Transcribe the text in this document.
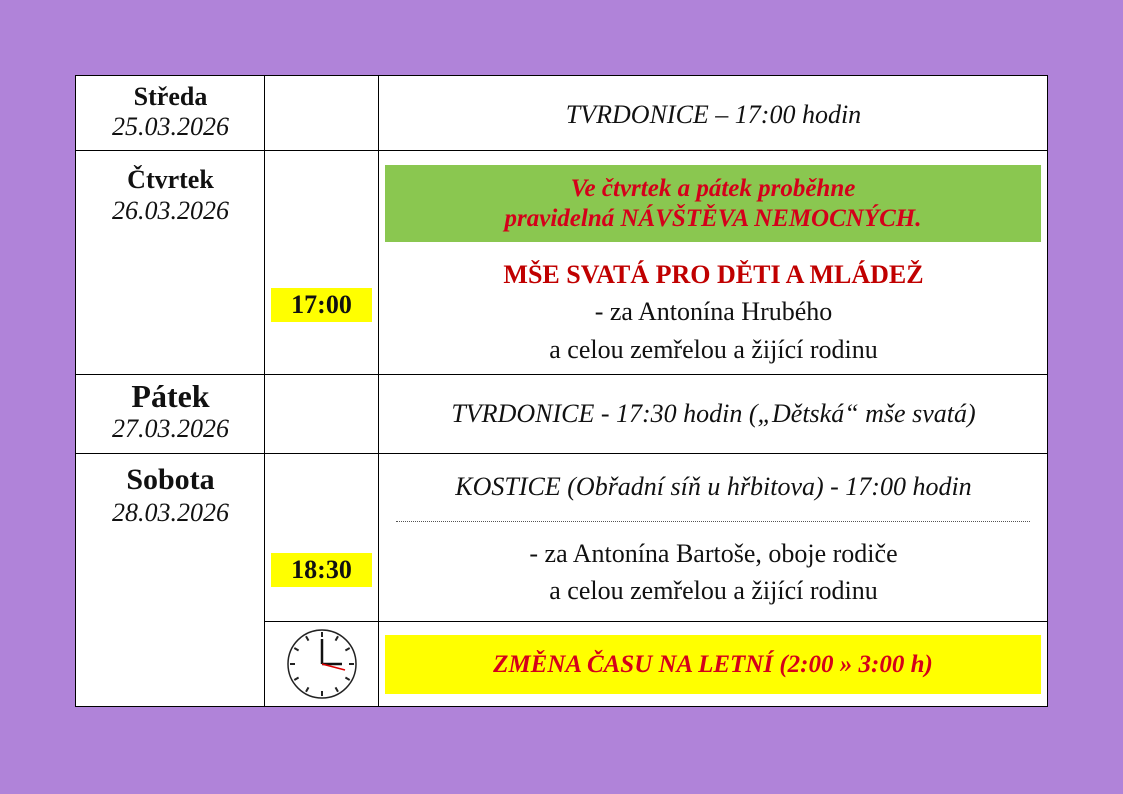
Středa
25.03.2026	TVRDONICE – 17:00 hodin
Čtvrtek
26.03.2026
17:00
Ve čtvrtek a pátek proběhne
pravidelná NÁVŠTĚVA NEMOCNÝCH.
MŠE SVATÁ PRO DĚTI A MLÁDEŽ
- za Antonína Hrubého
a celou zemřelou a žijící rodinu
Pátek
27.03.2026
TVRDONICE - 17:30 hodin („Dětská“ mše svatá)
Sobota
28.03.2026
18:30
KOSTICE (Obřadní síň u hřbitova) - 17:00 hodin
- za Antonína Bartoše, oboje rodiče
a celou zemřelou a žijící rodinu
ZMĚNA ČASU NA LETNÍ (2:00 » 3:00 h)
